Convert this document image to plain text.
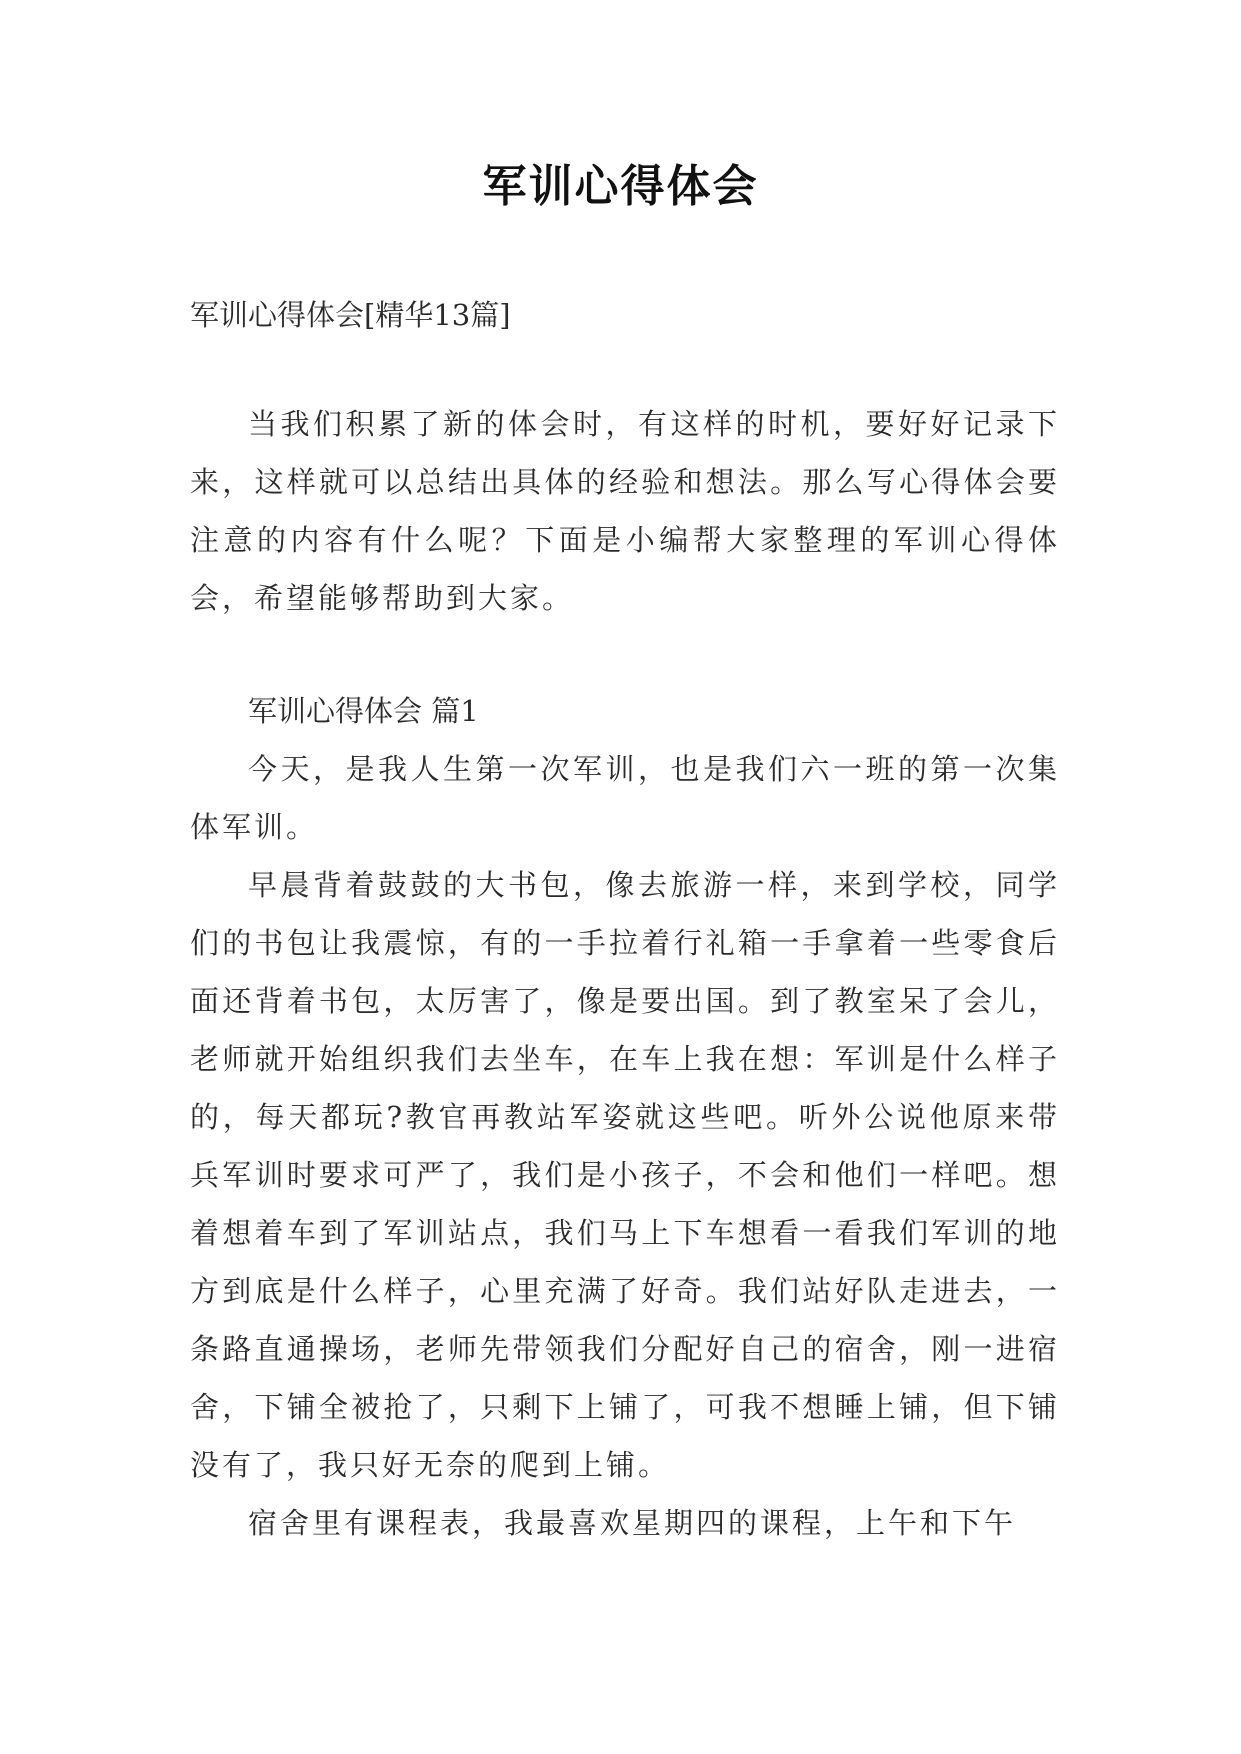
军训心得体会

军训心得体会[精华13篇]

当我们积累了新的体会时，有这样的时机，要好好记录下来，这样就可以总结出具体的经验和想法。那么写心得体会要注意的内容有什么呢？下面是小编帮大家整理的军训心得体会，希望能够帮助到大家。

军训心得体会 篇1

今天，是我人生第一次军训，也是我们六一班的第一次集体军训。

早晨背着鼓鼓的大书包，像去旅游一样，来到学校，同学们的书包让我震惊，有的一手拉着行礼箱一手拿着一些零食后面还背着书包，太厉害了，像是要出国。到了教室呆了会儿，老师就开始组织我们去坐车，在车上我在想：军训是什么样子的，每天都玩?教官再教站军姿就这些吧。听外公说他原来带兵军训时要求可严了，我们是小孩子，不会和他们一样吧。想着想着车到了军训站点，我们马上下车想看一看我们军训的地方到底是什么样子，心里充满了好奇。我们站好队走进去，一条路直通操场，老师先带领我们分配好自己的宿舍，刚一进宿舍，下铺全被抢了，只剩下上铺了，可我不想睡上铺，但下铺没有了，我只好无奈的爬到上铺。

宿舍里有课程表，我最喜欢星期四的课程，上午和下午
